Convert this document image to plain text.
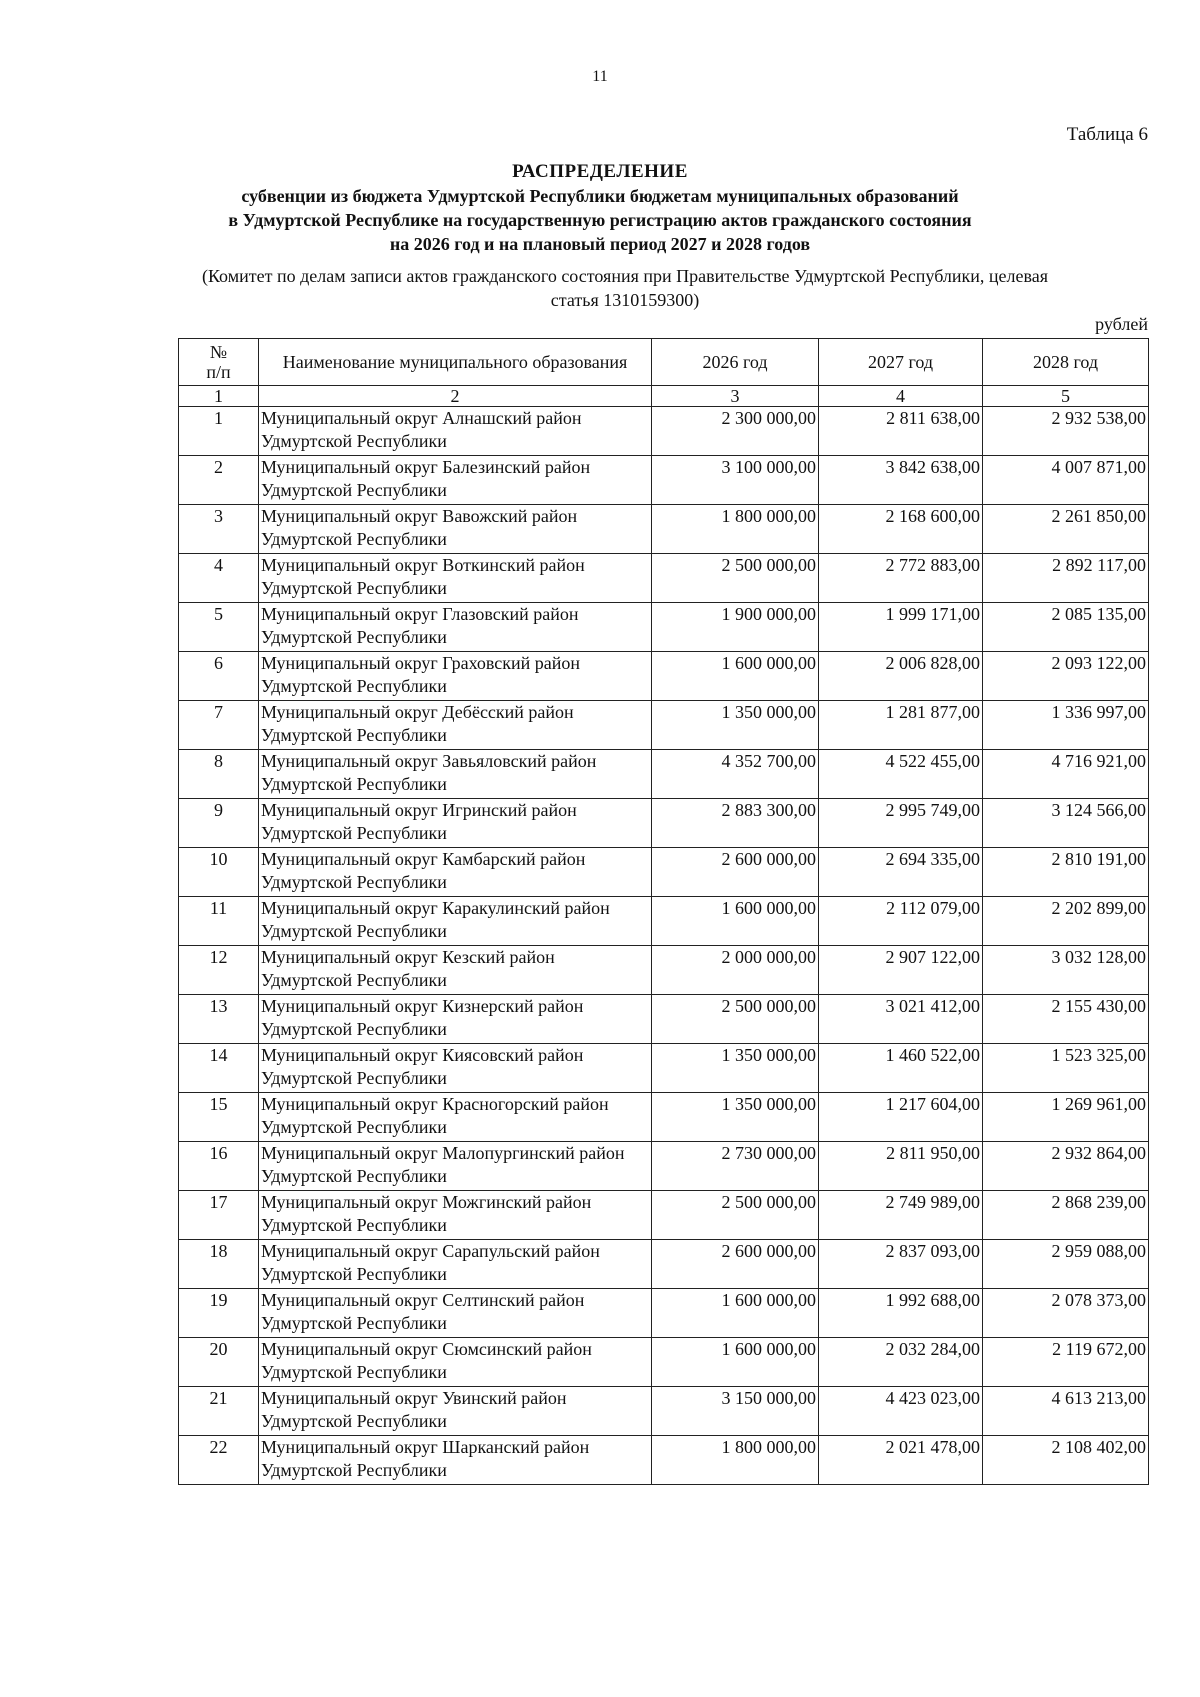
11
Таблица 6
РАСПРЕДЕЛЕНИЕ
субвенции из бюджета Удмуртской Республики бюджетам муниципальных образований
в Удмуртской Республике на государственную регистрацию актов гражданского состояния
на 2026 год и на плановый период 2027 и 2028 годов
(Комитет по делам записи актов гражданского состояния при Правительстве Удмуртской Республики, целевая
статья 1310159300)
рублей
№
п/п	Наименование муниципального образования	2026 год	2027 год	2028 год
1	2	3	4	5
1	Муниципальный округ Алнашский район Удмуртской Республики	2 300 000,00	2 811 638,00	2 932 538,00
2	Муниципальный округ Балезинский район Удмуртской Республики	3 100 000,00	3 842 638,00	4 007 871,00
3	Муниципальный округ Вавожский район Удмуртской Республики	1 800 000,00	2 168 600,00	2 261 850,00
4	Муниципальный округ Воткинский район Удмуртской Республики	2 500 000,00	2 772 883,00	2 892 117,00
5	Муниципальный округ Глазовский район Удмуртской Республики	1 900 000,00	1 999 171,00	2 085 135,00
6	Муниципальный округ Граховский район Удмуртской Республики	1 600 000,00	2 006 828,00	2 093 122,00
7	Муниципальный округ Дебёсский район Удмуртской Республики	1 350 000,00	1 281 877,00	1 336 997,00
8	Муниципальный округ Завьяловский район Удмуртской Республики	4 352 700,00	4 522 455,00	4 716 921,00
9	Муниципальный округ Игринский район Удмуртской Республики	2 883 300,00	2 995 749,00	3 124 566,00
10	Муниципальный округ Камбарский район Удмуртской Республики	2 600 000,00	2 694 335,00	2 810 191,00
11	Муниципальный округ Каракулинский район Удмуртской Республики	1 600 000,00	2 112 079,00	2 202 899,00
12	Муниципальный округ Кезский район Удмуртской Республики	2 000 000,00	2 907 122,00	3 032 128,00
13	Муниципальный округ Кизнерский район Удмуртской Республики	2 500 000,00	3 021 412,00	2 155 430,00
14	Муниципальный округ Киясовский район Удмуртской Республики	1 350 000,00	1 460 522,00	1 523 325,00
15	Муниципальный округ Красногорский район Удмуртской Республики	1 350 000,00	1 217 604,00	1 269 961,00
16	Муниципальный округ Малопургинский район Удмуртской Республики	2 730 000,00	2 811 950,00	2 932 864,00
17	Муниципальный округ Можгинский район Удмуртской Республики	2 500 000,00	2 749 989,00	2 868 239,00
18	Муниципальный округ Сарапульский район Удмуртской Республики	2 600 000,00	2 837 093,00	2 959 088,00
19	Муниципальный округ Селтинский район Удмуртской Республики	1 600 000,00	1 992 688,00	2 078 373,00
20	Муниципальный округ Сюмсинский район Удмуртской Республики	1 600 000,00	2 032 284,00	2 119 672,00
21	Муниципальный округ Увинский район Удмуртской Республики	3 150 000,00	4 423 023,00	4 613 213,00
22	Муниципальный округ Шарканский район Удмуртской Республики	1 800 000,00	2 021 478,00	2 108 402,00
